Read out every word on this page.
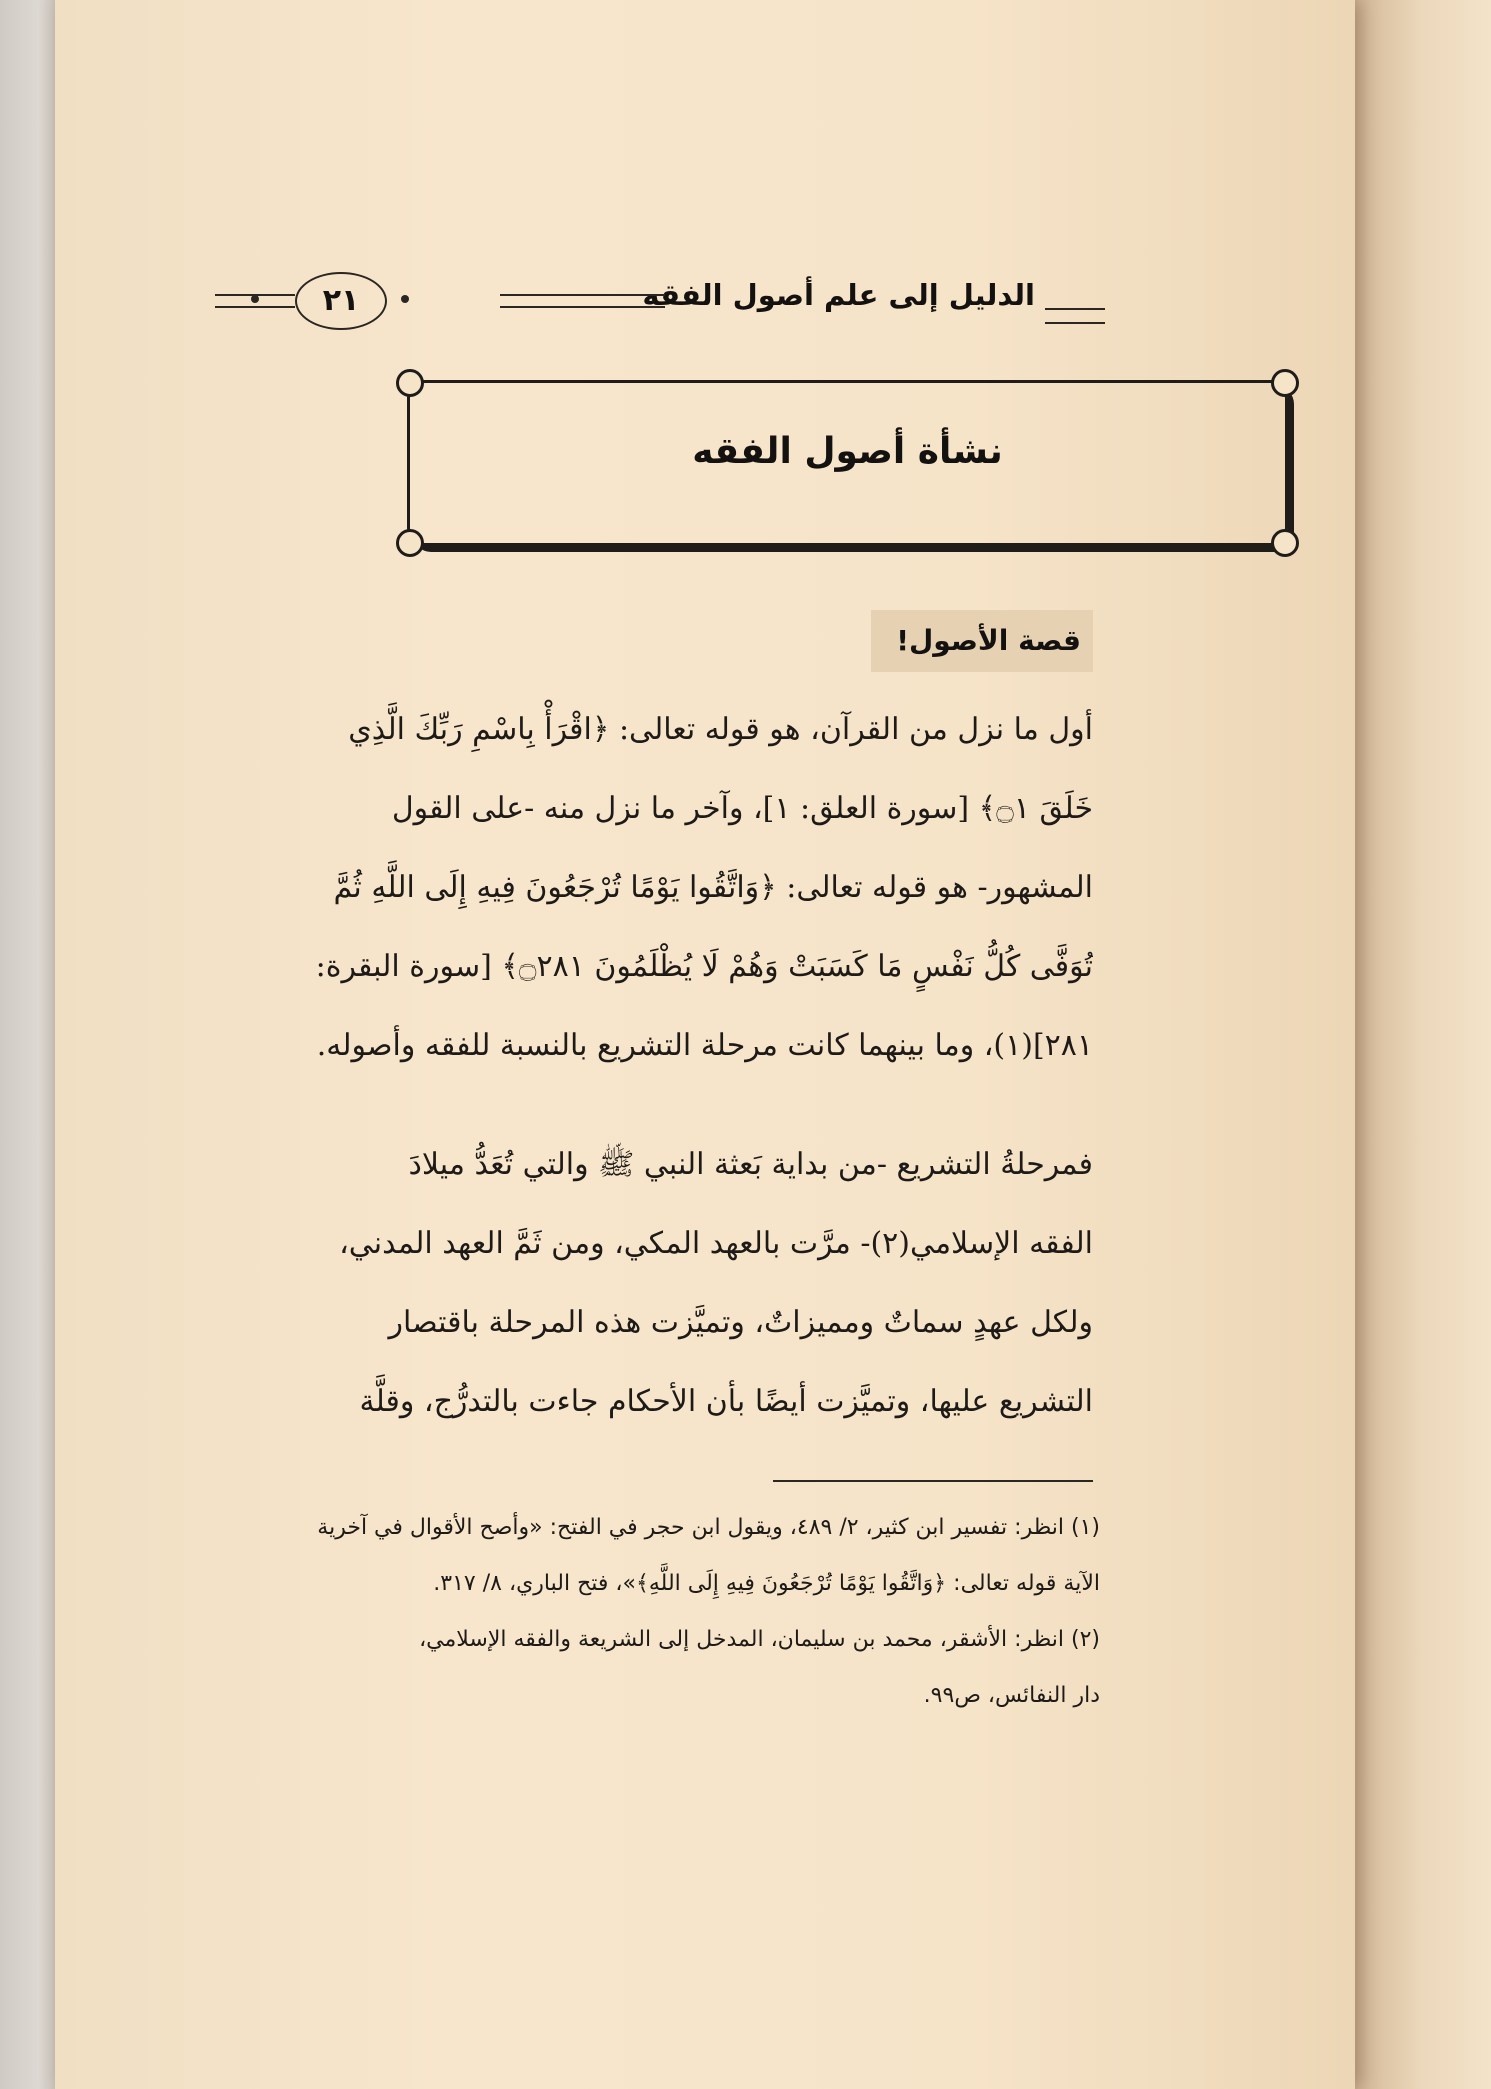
الدليل إلى علم أصول الفقه
٢١
نشأة أصول الفقه
قصة الأصول!
أول ما نزل من القرآن، هو قوله تعالى: ﴿اقْرَأْ بِاسْمِ رَبِّكَ الَّذِي
خَلَقَ ۝١﴾ [سورة العلق: ١]، وآخر ما نزل منه -على القول
المشهور- هو قوله تعالى: ﴿وَاتَّقُوا يَوْمًا تُرْجَعُونَ فِيهِ إِلَى اللَّهِ ثُمَّ
تُوَفَّى كُلُّ نَفْسٍ مَا كَسَبَتْ وَهُمْ لَا يُظْلَمُونَ ۝٢٨١﴾ [سورة البقرة:
٢٨١](١)، وما بينهما كانت مرحلة التشريع بالنسبة للفقه وأصوله.
فمرحلةُ التشريع -من بداية بَعثة النبي ﷺ والتي تُعَدُّ ميلادَ
الفقه الإسلامي(٢)- مرَّت بالعهد المكي، ومن ثَمَّ العهد المدني،
ولكل عهدٍ سماتٌ ومميزاتٌ، وتميَّزت هذه المرحلة باقتصار
التشريع عليها، وتميَّزت أيضًا بأن الأحكام جاءت بالتدرُّج، وقلَّة
(١) انظر: تفسير ابن كثير، ٢/ ٤٨٩، ويقول ابن حجر في الفتح: «وأصح الأقوال في آخرية
الآية قوله تعالى: ﴿وَاتَّقُوا يَوْمًا تُرْجَعُونَ فِيهِ إِلَى اللَّهِ﴾»، فتح الباري، ٨/ ٣١٧.
(٢) انظر: الأشقر، محمد بن سليمان، المدخل إلى الشريعة والفقه الإسلامي،
دار النفائس، ص٩٩.
